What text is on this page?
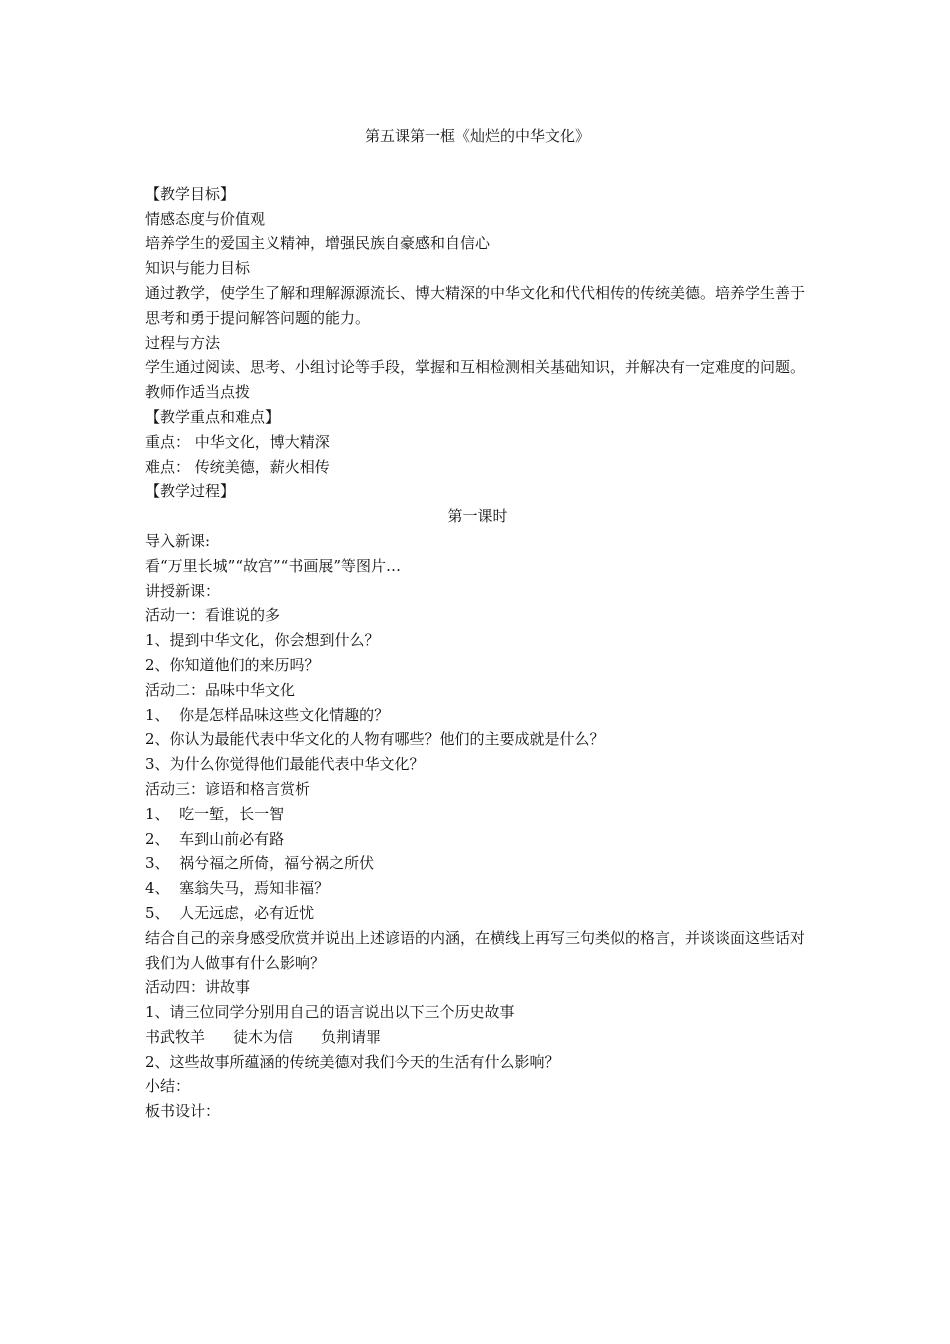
第五课第一框《灿烂的中华文化》
【教学目标】
情感态度与价值观
培养学生的爱国主义精神，增强民族自豪感和自信心
知识与能力目标
通过教学，使学生了解和理解源源流长、博大精深的中华文化和代代相传的传统美德。培养学生善于思考和勇于提问解答问题的能力。
过程与方法
学生通过阅读、思考、小组讨论等手段，掌握和互相检测相关基础知识，并解决有一定难度的问题。教师作适当点拨
【教学重点和难点】
重点： 中华文化，博大精深
难点： 传统美德，薪火相传
【教学过程】
第一课时
导入新课:
看“万里长城”“故宫”“书画展”等图片…
讲授新课：
活动一：看谁说的多
1、提到中华文化，你会想到什么？
2、你知道他们的来历吗？
活动二：品味中华文化
1、  你是怎样品味这些文化情趣的？
2、你认为最能代表中华文化的人物有哪些？他们的主要成就是什么？
3、为什么你觉得他们最能代表中华文化？
活动三：谚语和格言赏析
1、  吃一堑，长一智
2、  车到山前必有路
3、  祸兮福之所倚，福兮祸之所伏
4、  塞翁失马，焉知非福？
5、  人无远虑，必有近忧
结合自己的亲身感受欣赏并说出上述谚语的内涵，在横线上再写三句类似的格言，并谈谈面这些话对我们为人做事有什么影响？
活动四：讲故事
1、请三位同学分别用自己的语言说出以下三个历史故事
书武牧羊 徒木为信 负荆请罪
2、这些故事所蕴涵的传统美德对我们今天的生活有什么影响？
小结：
板书设计：
